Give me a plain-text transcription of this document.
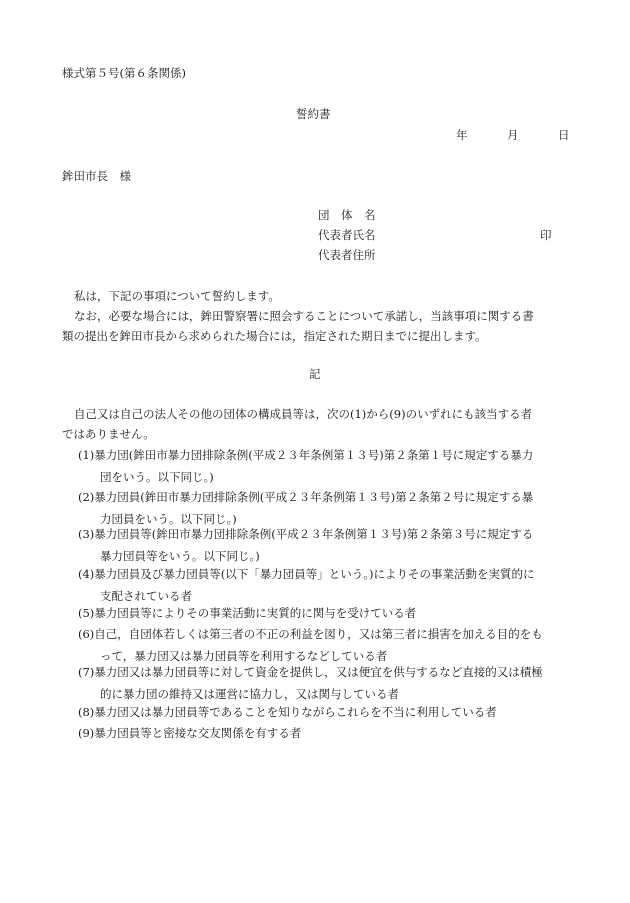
様式第５号(第６条関係)
誓約書
年	月	日
鉾田市長　様
団　体　名
代表者氏名	印
代表者住所
私は，下記の事項について誓約します。
なお，必要な場合には，鉾田警察署に照会することについて承諾し，当該事項に関する書
類の提出を鉾田市長から求められた場合には，指定された期日までに提出します。
記
自己又は自己の法人その他の団体の構成員等は，次の(1)から(9)のいずれにも該当する者
ではありません。
(1)暴力団(鉾田市暴力団排除条例(平成２３年条例第１３号)第２条第１号に規定する暴力
団をいう。以下同じ。)
(2)暴力団員(鉾田市暴力団排除条例(平成２３年条例第１３号)第２条第２号に規定する暴
力団員をいう。以下同じ。)
(3)暴力団員等(鉾田市暴力団排除条例(平成２３年条例第１３号)第２条第３号に規定する
暴力団員等をいう。以下同じ。)
(4)暴力団員及び暴力団員等(以下「暴力団員等」という。)によりその事業活動を実質的に
支配されている者
(5)暴力団員等によりその事業活動に実質的に関与を受けている者
(6)自己，自団体若しくは第三者の不正の利益を図り，又は第三者に損害を加える目的をも
って，暴力団又は暴力団員等を利用するなどしている者
(7)暴力団又は暴力団員等に対して資金を提供し，又は便宜を供与するなど直接的又は積極
的に暴力団の維持又は運営に協力し，又は関与している者
(8)暴力団又は暴力団員等であることを知りながらこれらを不当に利用している者
(9)暴力団員等と密接な交友関係を有する者
